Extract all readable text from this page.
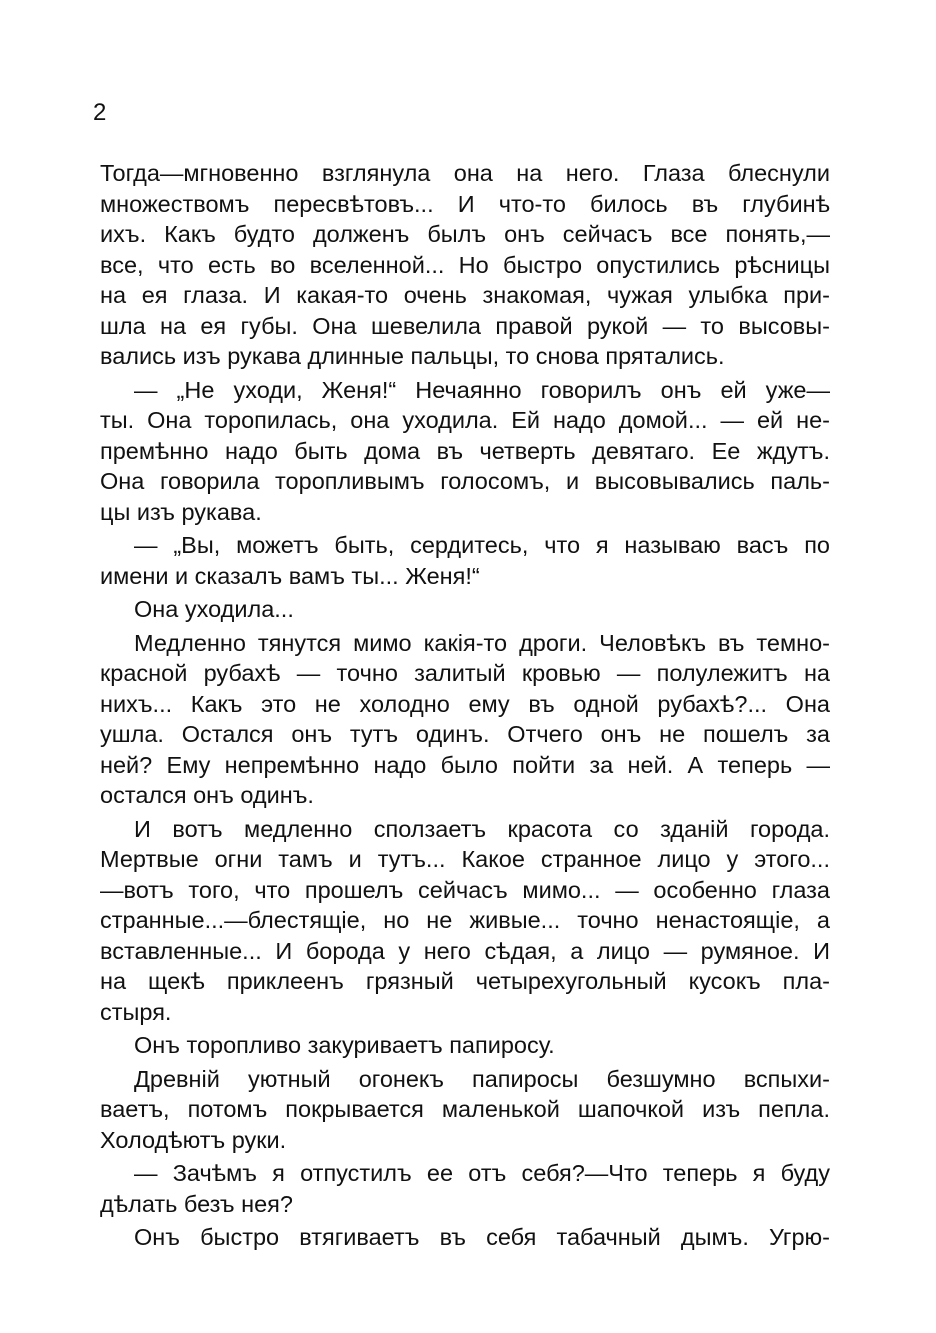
2
Тогда—мгновенно взглянула она на него. Глаза блеснули
множествомъ пересвѣтовъ... И что-то билось въ глубинѣ
ихъ. Какъ будто долженъ былъ онъ сейчасъ все понять,—
все, что есть во вселенной... Но быстро опустились рѣсницы
на ея глаза. И какая-то очень знакомая, чужая улыбка при-
шла на ея губы. Она шевелила правой рукой — то высовы-
вались изъ рукава длинные пальцы, то снова прятались.
— „Не уходи, Женя!“ Нечаянно говорилъ онъ ей уже—
ты. Она торопилась, она уходила. Ей надо домой... — ей не-
премѣнно надо быть дома въ четверть девятаго. Ее ждутъ.
Она говорила торопливымъ голосомъ, и высовывались паль-
цы изъ рукава.
— „Вы, можетъ быть, сердитесь, что я называю васъ по
имени и сказалъ вамъ ты... Женя!“
Она уходила...
Медленно тянутся мимо какія-то дроги. Человѣкъ въ темно-
красной рубахѣ — точно залитый кровью — полулежитъ на
нихъ... Какъ это не холодно ему въ одной рубахѣ?... Она
ушла. Остался онъ тутъ одинъ. Отчего онъ не пошелъ за
ней? Ему непремѣнно надо было пойти за ней. А теперь —
остался онъ одинъ.
И вотъ медленно сползаетъ красота со зданій города.
Мертвые огни тамъ и тутъ... Какое странное лицо у этого...
—вотъ того, что прошелъ сейчасъ мимо... — особенно глаза
странные...—блестящіе, но не живые... точно ненастоящіе, а
вставленные... И борода у него сѣдая, а лицо — румяное. И
на щекѣ приклеенъ грязный четырехугольный кусокъ пла-
стыря.
Онъ торопливо закуриваетъ папиросу.
Древній уютный огонекъ папиросы безшумно вспыхи-
ваетъ, потомъ покрывается маленькой шапочкой изъ пепла.
Холодѣютъ руки.
— Зачѣмъ я отпустилъ ее отъ себя?—Что теперь я буду
дѣлать безъ нея?
Онъ быстро втягиваетъ въ себя табачный дымъ. Угрю-
